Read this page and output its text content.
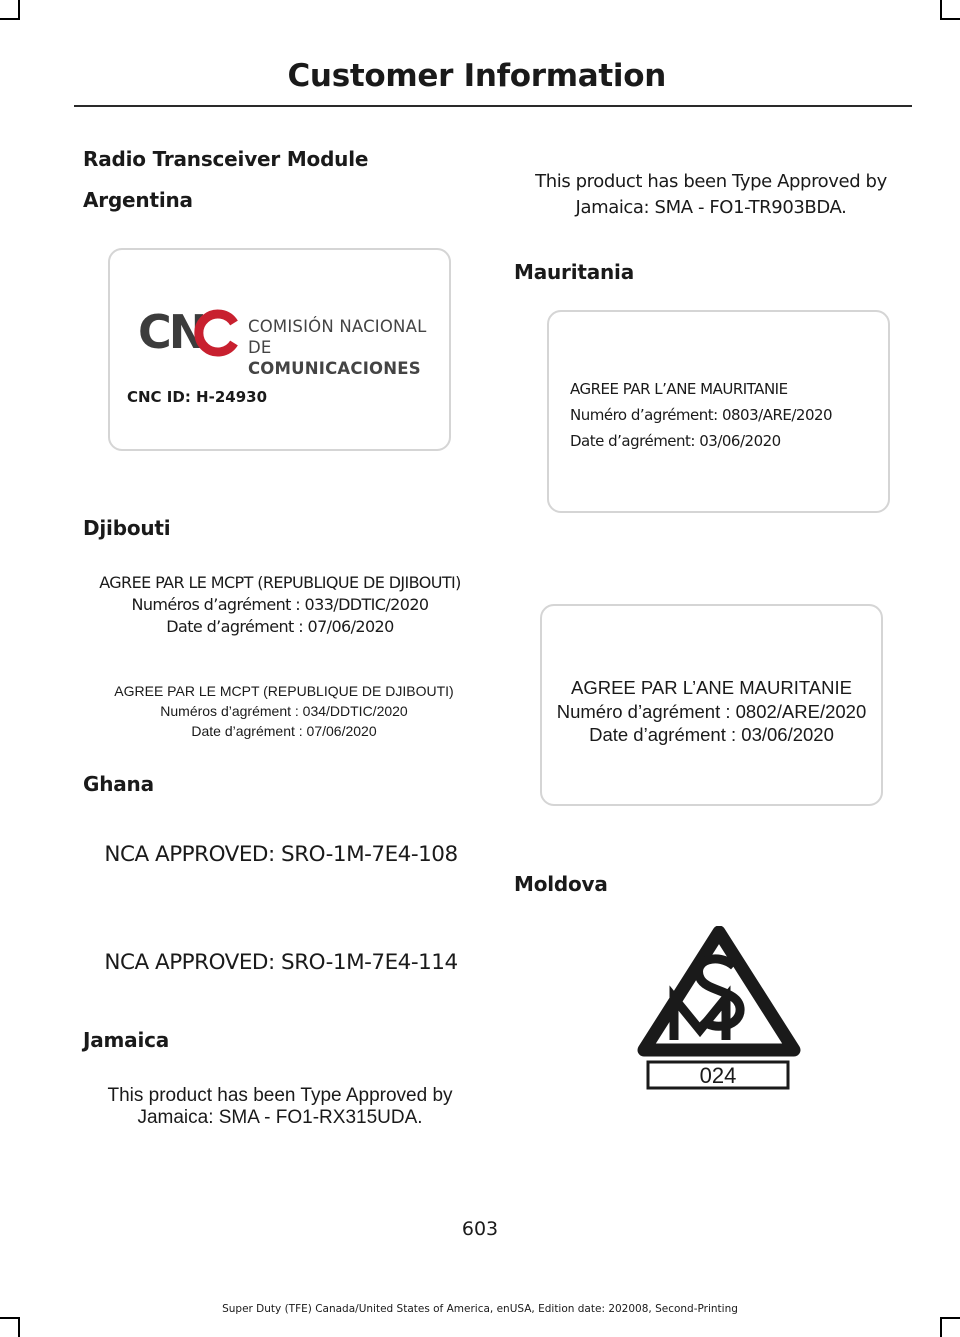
Customer Information
Radio Transceiver Module
Argentina
CN	COMISIÓN NACIONAL
DE COMUNICACIONES
CNC ID: H-24930
Djibouti
AGREE PAR LE MCPT (REPUBLIQUE DE DJIBOUTI)
Numéros d’agrément : 033/DDTIC/2020
Date d’agrément : 07/06/2020
AGREE PAR LE MCPT (REPUBLIQUE DE DJIBOUTI)
Numéros d’agrément : 034/DDTIC/2020
Date d’agrément : 07/06/2020
Ghana
NCA APPROVED: SRO-1M-7E4-108
NCA APPROVED: SRO-1M-7E4-114
Jamaica
This product has been Type Approved by
Jamaica: SMA - FO1-RX315UDA.
This product has been Type Approved by
Jamaica: SMA - FO1-TR903BDA.
Mauritania
AGREE PAR L’ANE MAURITANIE
Numéro d’agrément: 0803/ARE/2020
Date d’agrément: 03/06/2020
AGREE PAR L’ANE MAURITANIE
Numéro d’agrément : 0802/ARE/2020
Date d’agrément : 03/06/2020
Moldova
024
603
Super Duty (TFE) Canada/United States of America, enUSA, Edition date: 202008, Second-Printing
